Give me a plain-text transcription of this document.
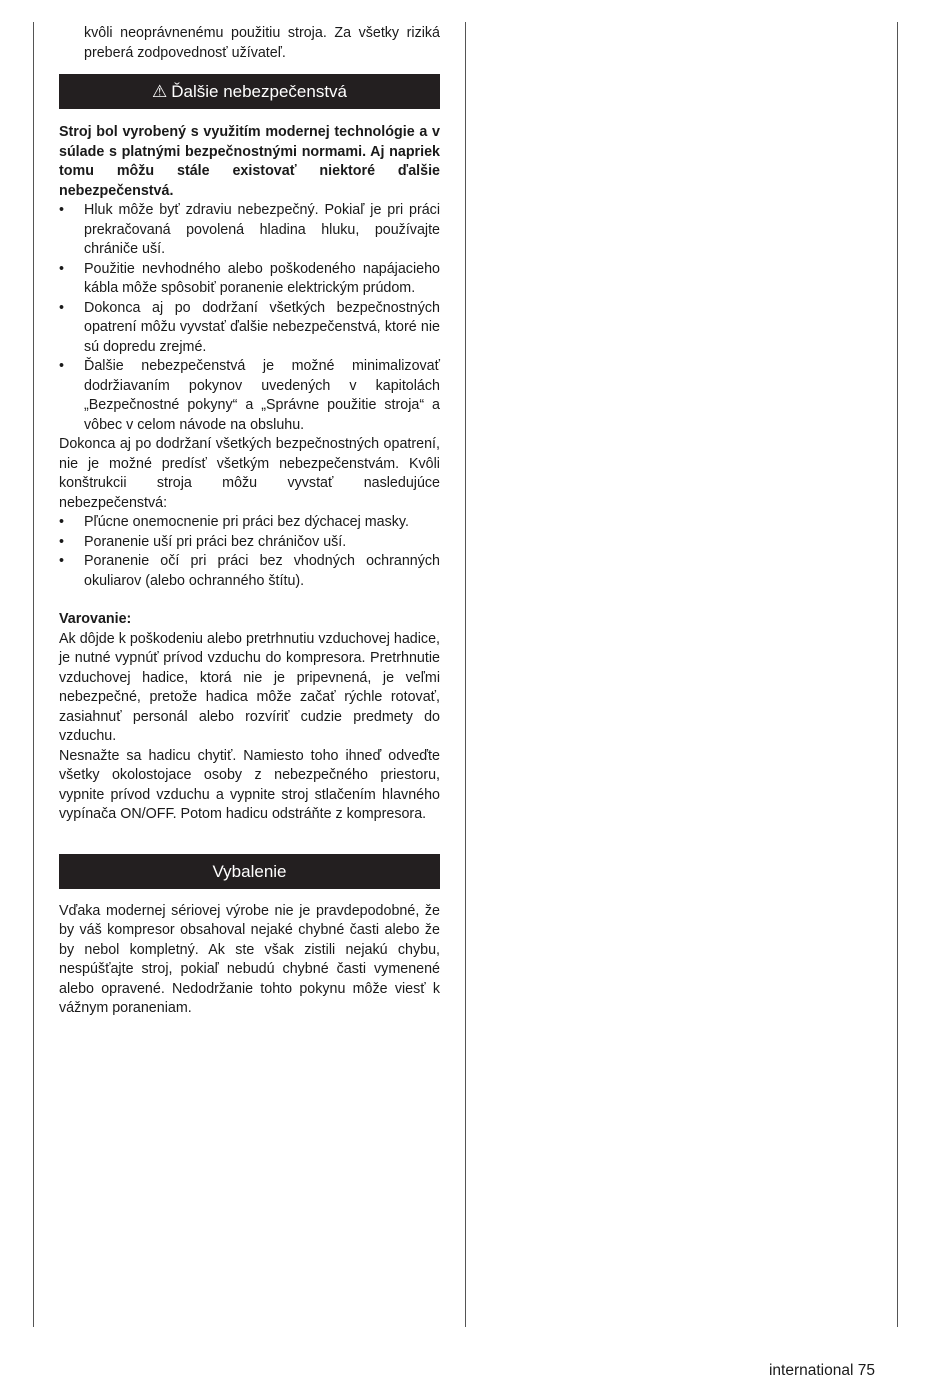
kvôli neoprávnenému použitiu stroja. Za všetky riziká preberá zodpovednosť užívateľ.

⚠ Ďalšie nebezpečenstvá

Stroj bol vyrobený s využitím modernej technológie a v súlade s platnými bezpečnostnými normami. Aj napriek tomu môžu stále existovať niektoré ďalšie nebezpečenstvá.

• Hluk môže byť zdraviu nebezpečný. Pokiaľ je pri práci prekračovaná povolená hladina hluku, používajte chrániče uší.
• Použitie nevhodného alebo poškodeného napájacieho kábla môže spôsobiť poranenie elektrickým prúdom.
• Dokonca aj po dodržaní všetkých bezpečnostných opatrení môžu vyvstať ďalšie nebezpečenstvá, ktoré nie sú dopredu zrejmé.
• Ďalšie nebezpečenstvá je možné minimalizovať dodržiavaním pokynov uvedených v kapitolách „Bezpečnostné pokyny“ a „Správne použitie stroja“ a vôbec v celom návode na obsluhu.

Dokonca aj po dodržaní všetkých bezpečnostných opatrení, nie je možné predísť všetkým nebezpečenstvám. Kvôli konštrukcii stroja môžu vyvstať nasledujúce nebezpečenstvá:

• Pľúcne onemocnenie pri práci bez dýchacej masky.
• Poranenie uší pri práci bez chráničov uší.
• Poranenie očí pri práci bez vhodných ochranných okuliarov (alebo ochranného štítu).

Varovanie:

Ak dôjde k poškodeniu alebo pretrhnutiu vzduchovej hadice, je nutné vypnúť prívod vzduchu do kompresora. Pretrhnutie vzduchovej hadice, ktorá nie je pripevnená, je veľmi nebezpečné, pretože hadica môže začať rýchle rotovať, zasiahnuť personál alebo rozvíriť cudzie predmety do vzduchu.

Nesnažte sa hadicu chytiť. Namiesto toho ihneď odveďte všetky okolostojace osoby z nebezpečného priestoru, vypnite prívod vzduchu a vypnite stroj stlačením hlavného vypínača ON/OFF. Potom hadicu odstráňte z kompresora.

Vybalenie

Vďaka modernej sériovej výrobe nie je pravdepodobné, že by váš kompresor obsahoval nejaké chybné časti alebo že by nebol kompletný. Ak ste však zistili nejakú chybu, nespúšťajte stroj, pokiaľ nebudú chybné časti vymenené alebo opravené. Nedodržanie tohto pokynu môže viesť k vážnym poraneniam.

international 75
